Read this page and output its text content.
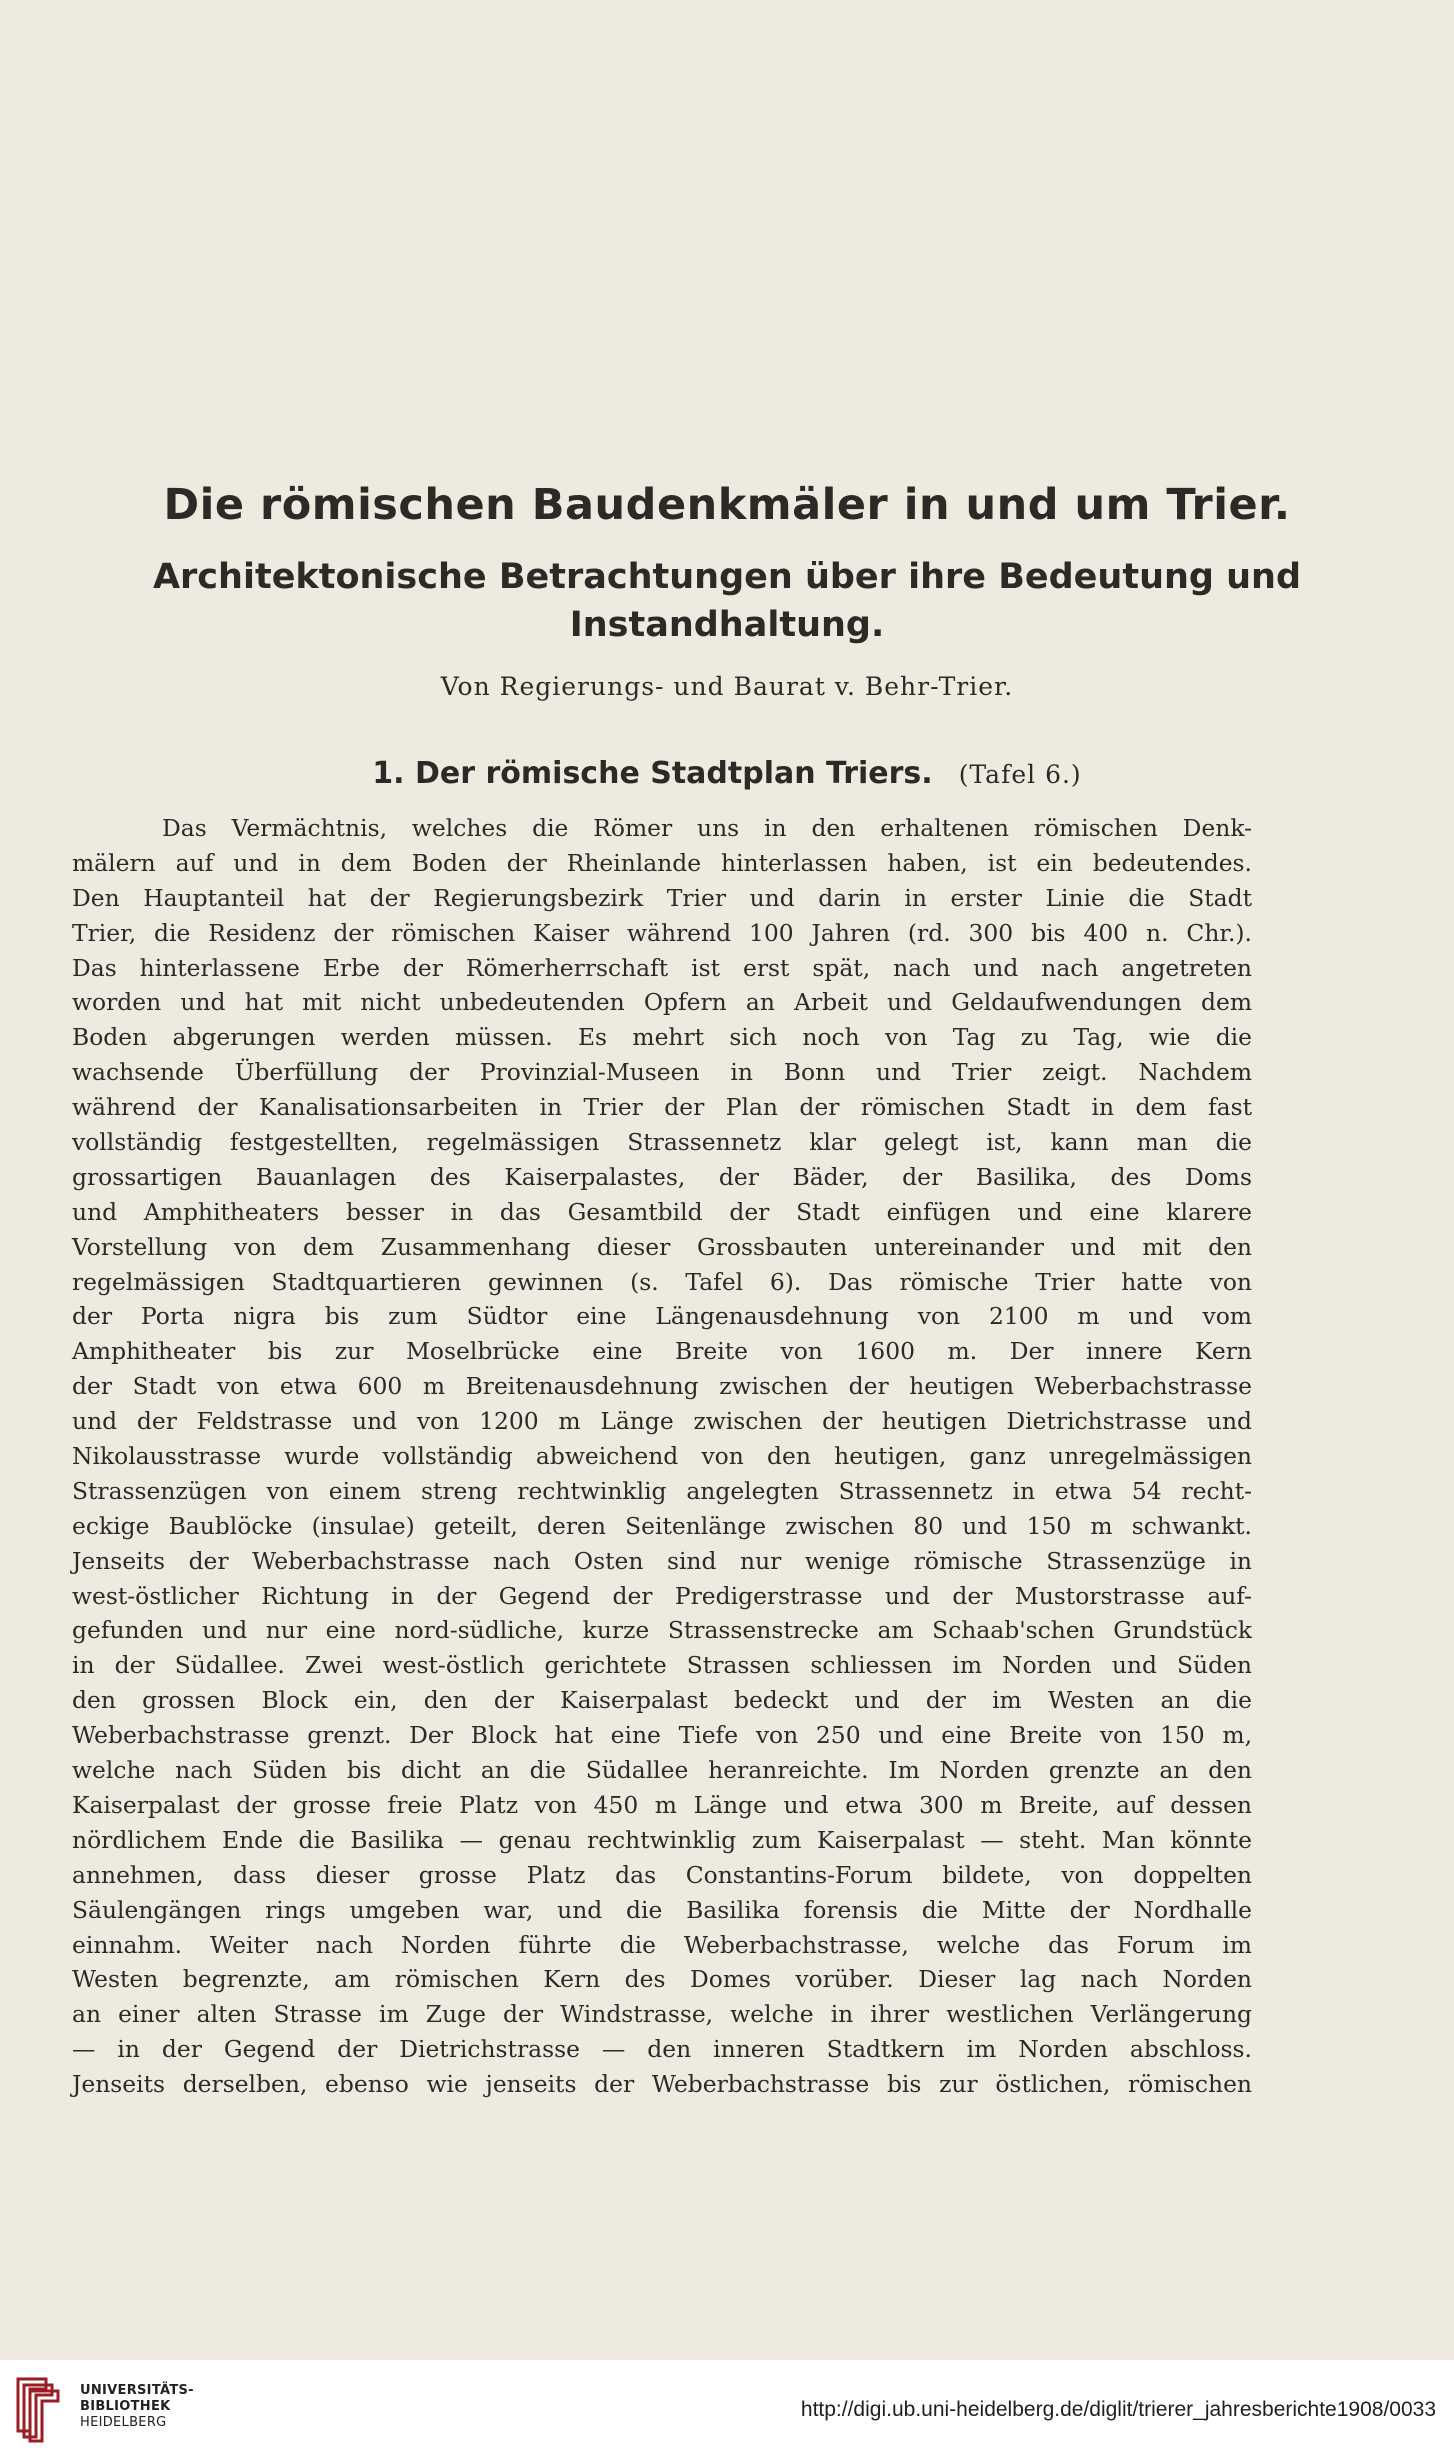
Die römischen Baudenkmäler in und um Trier.
Architektonische Betrachtungen über ihre Bedeutung und Instandhaltung.
Von Regierungs- und Baurat v. Behr-Trier.
1. Der römische Stadtplan Triers. (Tafel 6.)
Das Vermächtnis, welches die Römer uns in den erhaltenen römischen Denk-
mälern auf und in dem Boden der Rheinlande hinterlassen haben, ist ein bedeutendes.
Den Hauptanteil hat der Regierungsbezirk Trier und darin in erster Linie die Stadt
Trier, die Residenz der römischen Kaiser während 100 Jahren (rd. 300 bis 400 n. Chr.).
Das hinterlassene Erbe der Römerherrschaft ist erst spät, nach und nach angetreten
worden und hat mit nicht unbedeutenden Opfern an Arbeit und Geldaufwendungen dem
Boden abgerungen werden müssen. Es mehrt sich noch von Tag zu Tag, wie die
wachsende Überfüllung der Provinzial-Museen in Bonn und Trier zeigt. Nachdem
während der Kanalisationsarbeiten in Trier der Plan der römischen Stadt in dem fast
vollständig festgestellten, regelmässigen Strassennetz klar gelegt ist, kann man die
grossartigen Bauanlagen des Kaiserpalastes, der Bäder, der Basilika, des Doms
und Amphitheaters besser in das Gesamtbild der Stadt einfügen und eine klarere
Vorstellung von dem Zusammenhang dieser Grossbauten untereinander und mit den
regelmässigen Stadtquartieren gewinnen (s. Tafel 6). Das römische Trier hatte von
der Porta nigra bis zum Südtor eine Längenausdehnung von 2100 m und vom
Amphitheater bis zur Moselbrücke eine Breite von 1600 m. Der innere Kern
der Stadt von etwa 600 m Breitenausdehnung zwischen der heutigen Weberbachstrasse
und der Feldstrasse und von 1200 m Länge zwischen der heutigen Dietrichstrasse und
Nikolausstrasse wurde vollständig abweichend von den heutigen, ganz unregelmässigen
Strassenzügen von einem streng rechtwinklig angelegten Strassennetz in etwa 54 recht-
eckige Baublöcke (insulae) geteilt, deren Seitenlänge zwischen 80 und 150 m schwankt.
Jenseits der Weberbachstrasse nach Osten sind nur wenige römische Strassenzüge in
west-östlicher Richtung in der Gegend der Predigerstrasse und der Mustorstrasse auf-
gefunden und nur eine nord-südliche, kurze Strassenstrecke am Schaab'schen Grundstück
in der Südallee. Zwei west-östlich gerichtete Strassen schliessen im Norden und Süden
den grossen Block ein, den der Kaiserpalast bedeckt und der im Westen an die
Weberbachstrasse grenzt. Der Block hat eine Tiefe von 250 und eine Breite von 150 m,
welche nach Süden bis dicht an die Südallee heranreichte. Im Norden grenzte an den
Kaiserpalast der grosse freie Platz von 450 m Länge und etwa 300 m Breite, auf dessen
nördlichem Ende die Basilika — genau rechtwinklig zum Kaiserpalast — steht. Man könnte
annehmen, dass dieser grosse Platz das Constantins-Forum bildete, von doppelten
Säulengängen rings umgeben war, und die Basilika forensis die Mitte der Nordhalle
einnahm. Weiter nach Norden führte die Weberbachstrasse, welche das Forum im
Westen begrenzte, am römischen Kern des Domes vorüber. Dieser lag nach Norden
an einer alten Strasse im Zuge der Windstrasse, welche in ihrer westlichen Verlängerung
— in der Gegend der Dietrichstrasse — den inneren Stadtkern im Norden abschloss.
Jenseits derselben, ebenso wie jenseits der Weberbachstrasse bis zur östlichen, römischen
UNIVERSITÄTS-
BIBLIOTHEK
HEIDELBERG
http://digi.ub.uni-heidelberg.de/diglit/trierer_jahresberichte1908/0033
